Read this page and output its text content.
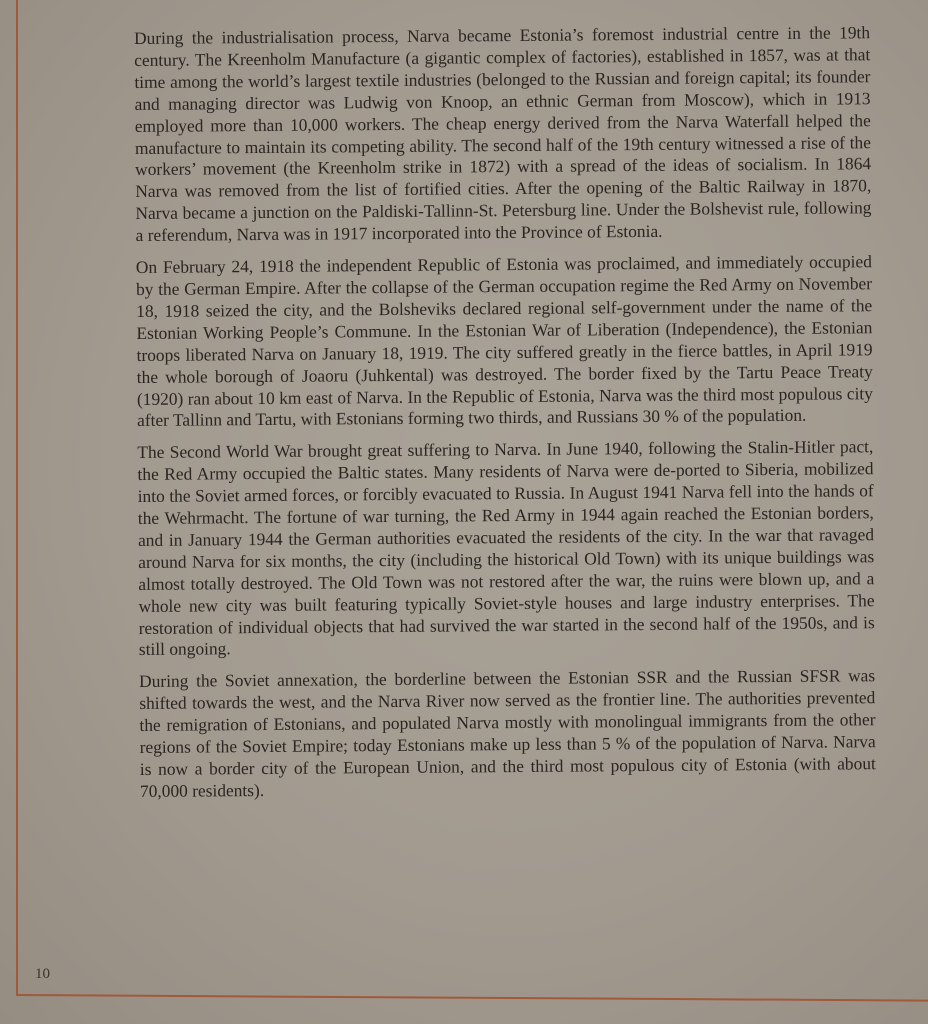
During the industrialisation process, Narva became Estonia’s foremost industrial centre in the 19th century. The Kreenholm Manufacture (a gigantic complex of factories), established in 1857, was at that time among the world’s largest textile industries (belonged to the Russian and foreign capital; its founder and managing director was Ludwig von Knoop, an ethnic German from Moscow), which in 1913 employed more than 10,000 workers. The cheap energy derived from the Narva Waterfall helped the manufacture to maintain its competing ability. The second half of the 19th century witnessed a rise of the workers’ movement (the Kreenholm strike in 1872) with a spread of the ideas of socialism. In 1864 Narva was removed from the list of fortified cities. After the opening of the Baltic Railway in 1870, Narva became a junction on the Paldiski-Tallinn-St. Petersburg line. Under the Bolshevist rule, following a referendum, Narva was in 1917 incorporated into the Province of Estonia.

On February 24, 1918 the independent Republic of Estonia was proclaimed, and immediately occupied by the German Empire. After the collapse of the German occupation regime the Red Army on November 18, 1918 seized the city, and the Bolsheviks declared regional self-government under the name of the Estonian Working People’s Commune. In the Estonian War of Liberation (Independence), the Estonian troops liberated Narva on January 18, 1919. The city suffered greatly in the fierce battles, in April 1919 the whole borough of Joaoru (Juhkental) was destroyed. The border fixed by the Tartu Peace Treaty (1920) ran about 10 km east of Narva. In the Republic of Estonia, Narva was the third most populous city after Tallinn and Tartu, with Estonians forming two thirds, and Russians 30 % of the population.

The Second World War brought great suffering to Narva. In June 1940, following the Stalin-Hitler pact, the Red Army occupied the Baltic states. Many residents of Narva were de-ported to Siberia, mobilized into the Soviet armed forces, or forcibly evacuated to Russia. In August 1941 Narva fell into the hands of the Wehrmacht. The fortune of war turning, the Red Army in 1944 again reached the Estonian borders, and in January 1944 the German authorities evacuated the residents of the city. In the war that ravaged around Narva for six months, the city (including the historical Old Town) with its unique buildings was almost totally destroyed. The Old Town was not restored after the war, the ruins were blown up, and a whole new city was built featuring typically Soviet-style houses and large industry enterprises. The restoration of individual objects that had survived the war started in the second half of the 1950s, and is still ongoing.

During the Soviet annexation, the borderline between the Estonian SSR and the Russian SFSR was shifted towards the west, and the Narva River now served as the frontier line. The authorities prevented the remigration of Estonians, and populated Narva mostly with monolingual immigrants from the other regions of the Soviet Empire; today Estonians make up less than 5 % of the population of Narva. Narva is now a border city of the European Union, and the third most populous city of Estonia (with about 70,000 residents).

10
